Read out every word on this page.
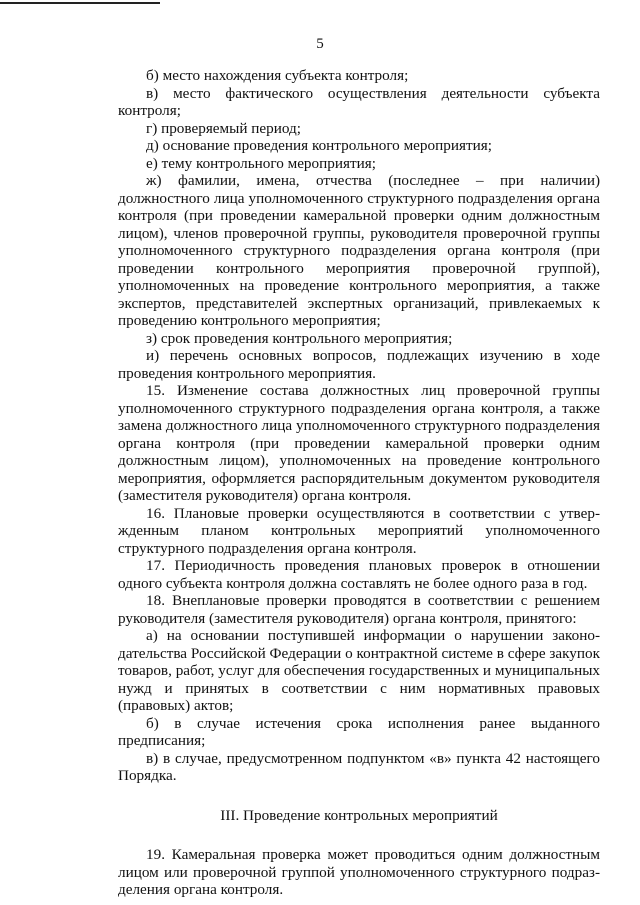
5

б) место нахождения субъекта контроля;

в) место фактического осуществления деятельности субъекта контроля;

г) проверяемый период;

д) основание проведения контрольного мероприятия;

е) тему контрольного мероприятия;

ж) фамилии, имена, отчества (последнее – при наличии) должностного лица уполномоченного структурного подразделения органа контроля (при проведении камеральной проверки одним должностным лицом), членов проверочной группы, руководителя проверочной группы уполномоченного структурного подразделения органа контроля (при проведении контрольного мероприятия проверочной группой), уполномоченных на проведение контрольного мероприятия, а также экспертов, представителей экспертных организаций, привлекаемых к проведению контрольного мероприятия;

з) срок проведения контрольного мероприятия;

и) перечень основных вопросов, подлежащих изучению в ходе проведения контрольного мероприятия.

15. Изменение состава должностных лиц проверочной группы уполномоченного структурного подразделения органа контроля, а также замена должностного лица уполномоченного структурного подразделения органа контроля (при проведении камеральной проверки одним должностным лицом), уполномоченных на проведение контрольного мероприятия, оформляется распорядительным документом руководителя (заместителя руководителя) органа контроля.

16. Плановые проверки осуществляются в соответствии с утвержденным планом контрольных мероприятий уполномоченного структурного подразделения органа контроля.

17. Периодичность проведения плановых проверок в отношении одного субъекта контроля должна составлять не более одного раза в год.

18. Внеплановые проверки проводятся в соответствии с решением руководителя (заместителя руководителя) органа контроля, принятого:

а) на основании поступившей информации о нарушении законодательства Российской Федерации о контрактной системе в сфере закупок товаров, работ, услуг для обеспечения государственных и муниципальных нужд и принятых в соответствии с ним нормативных правовых (правовых) актов;

б) в случае истечения срока исполнения ранее выданного предписания;

в) в случае, предусмотренном подпунктом «в» пункта 42 настоящего Порядка.

III. Проведение контрольных мероприятий

19. Камеральная проверка может проводиться одним должностным лицом или проверочной группой уполномоченного структурного подразделения органа контроля.
